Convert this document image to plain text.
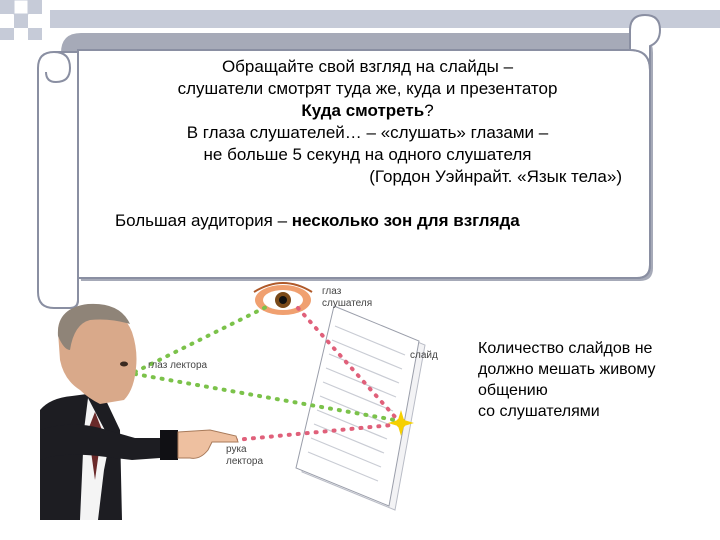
Обращайте свой взгляд на слайды –
слушатели смотрят туда же, куда и презентатор
Куда смотреть?
В глаза слушателей… – «слушать» глазами –
не больше 5 секунд на одного слушателя
(Гордон Уэйнрайт. «Язык тела»)
Большая аудитория – несколько зон для взгляда
глаз
слушателя
слайд
глаз лектора
рука
лектора
Количество слайдов не
должно мешать живому
общению
со слушателями
